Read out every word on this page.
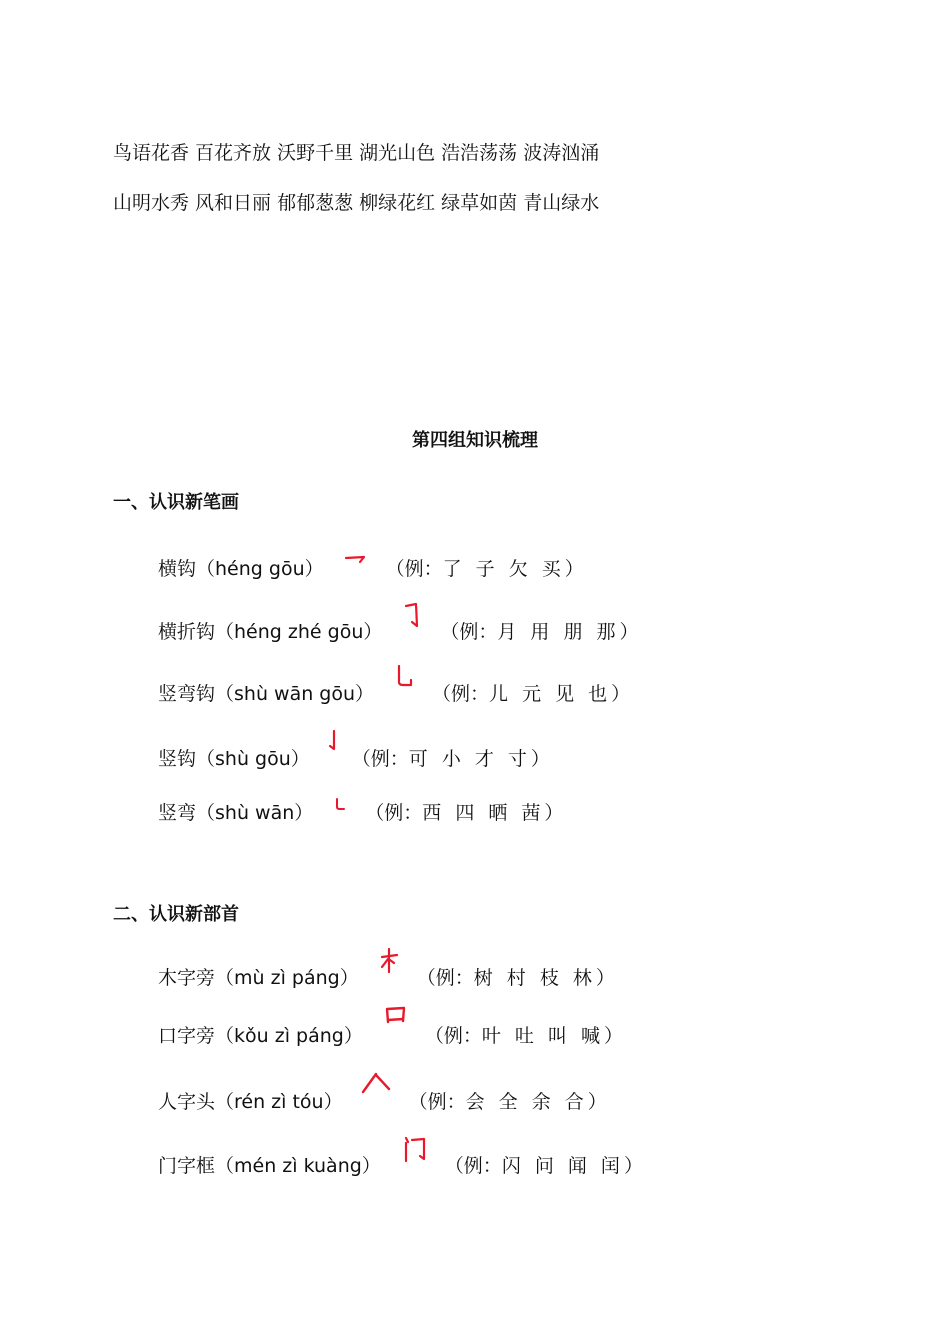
鸟语花香 百花齐放 沃野千里 湖光山色 浩浩荡荡 波涛汹涌
山明水秀 风和日丽 郁郁葱葱 柳绿花红 绿草如茵 青山绿水
第四组知识梳理
一、认识新笔画
横钩 （héng gōu）	（例：了 子 欠 买）
横折钩 （héng zhé gōu）	（例：月 用 朋 那）
竖弯钩 （shù wān gōu）	（例：儿 元 见 也）
竖钩 （shù gōu） （例：可 小 才 寸）
竖弯 （shù wān）	（例：西 四 晒 茜）
二、认识新部首
木字旁 （mù zì páng）	（例：树 村 枝 林）
口字旁 （kǒu zì páng）	（例：叶 吐 叫 喊）
人字头 （rén zì tóu）	（例：会 全 余 合）
门字框 （mén zì kuàng）	（例：闪 问 闻 闰）
